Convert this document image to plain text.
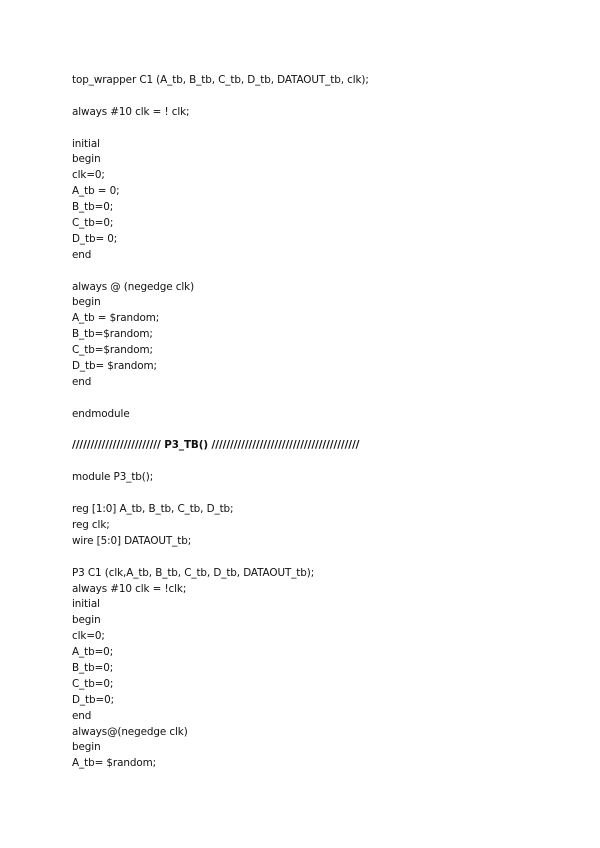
top_wrapper C1 (A_tb, B_tb, C_tb, D_tb, DATAOUT_tb, clk);
always #10 clk = ! clk;
initial
begin
clk=0;
A_tb = 0;
B_tb=0;
C_tb=0;
D_tb= 0;
end
always @ (negedge clk)
begin
A_tb = $random;
B_tb=$random;
C_tb=$random;
D_tb= $random;
end
endmodule
//////////////////////// P3_TB() ////////////////////////////////////////
module P3_tb();
reg [1:0] A_tb, B_tb, C_tb, D_tb;
reg clk;
wire [5:0] DATAOUT_tb;
P3 C1 (clk,A_tb, B_tb, C_tb, D_tb, DATAOUT_tb);
always #10 clk = !clk;
initial
begin
clk=0;
A_tb=0;
B_tb=0;
C_tb=0;
D_tb=0;
end
always@(negedge clk)
begin
A_tb= $random;
